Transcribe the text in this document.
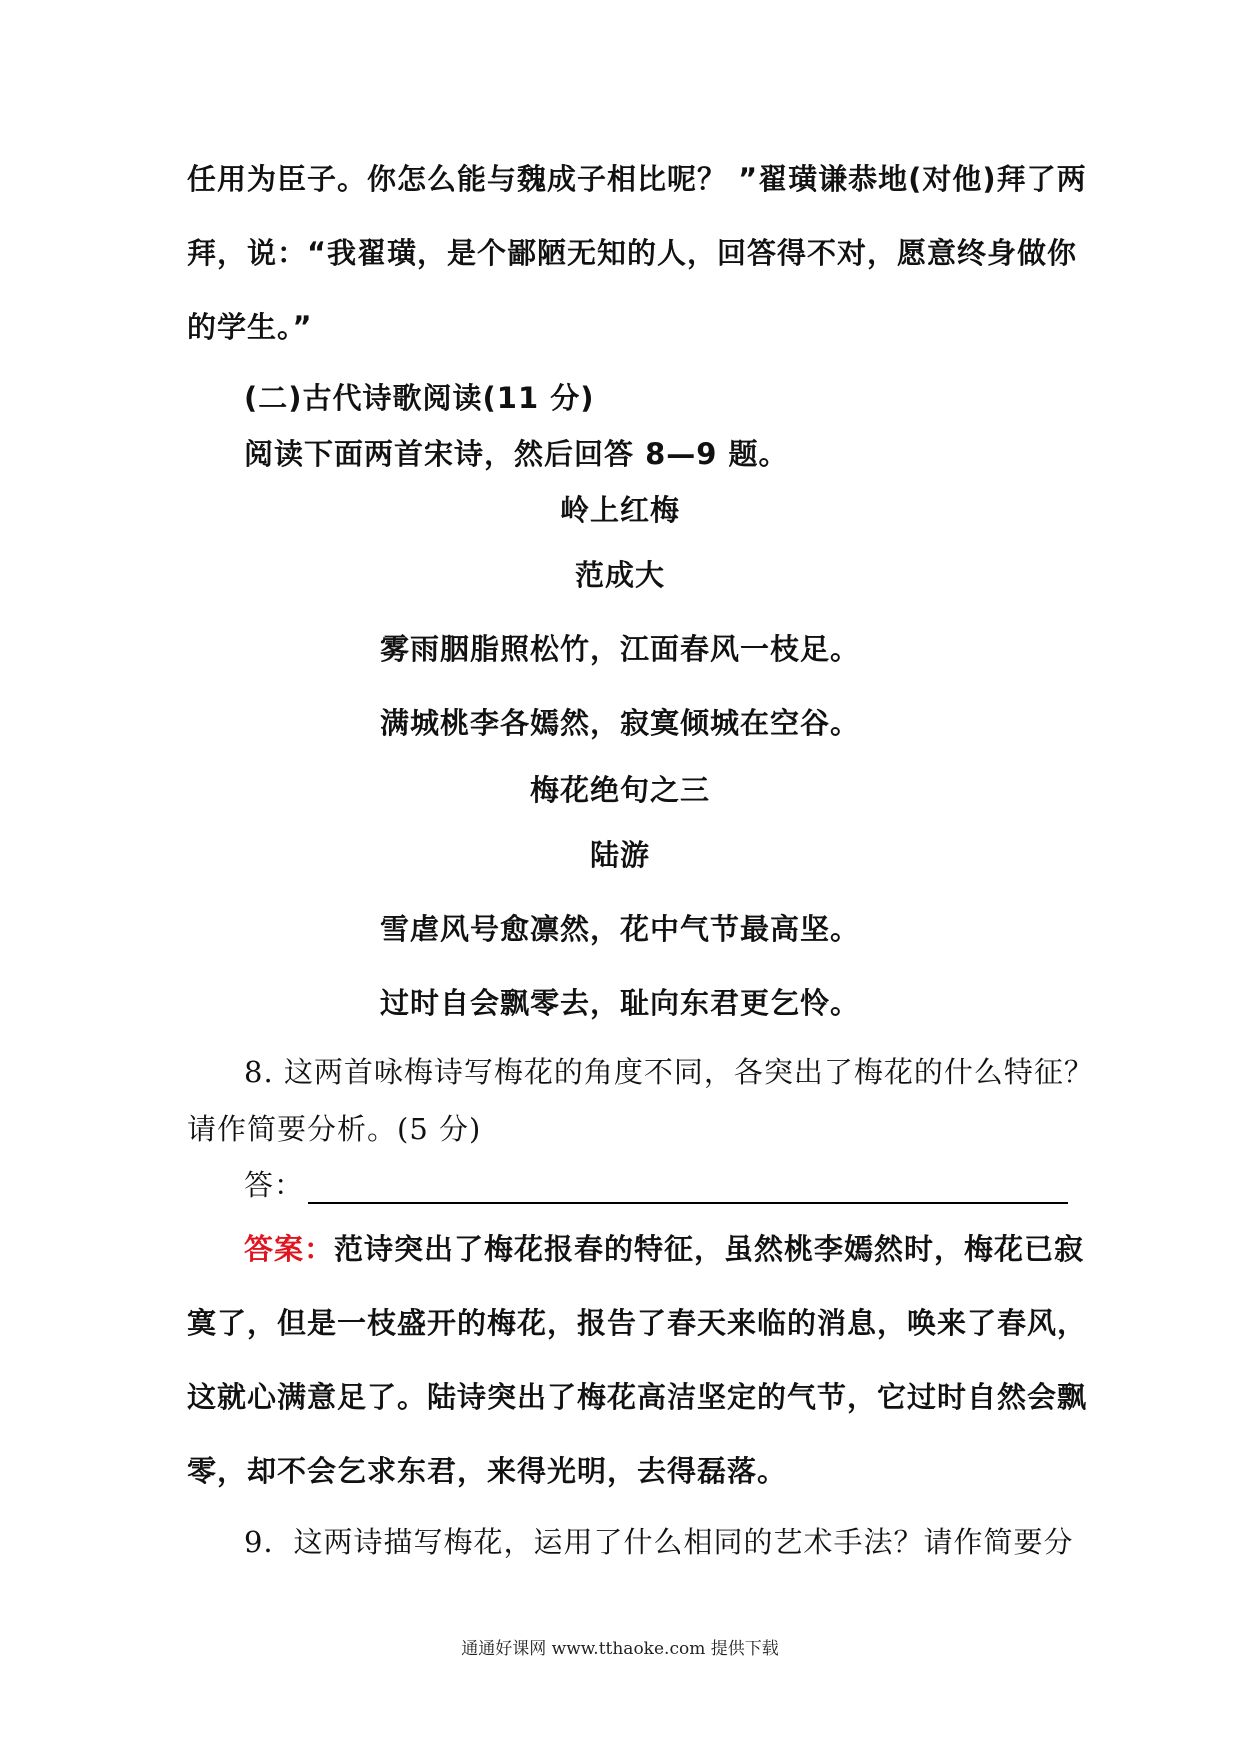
任用为臣子。你怎么能与魏成子相比呢？ ”翟璜谦恭地(对他)拜了两
拜，说：“我翟璜，是个鄙陋无知的人，回答得不对，愿意终身做你
的学生。”
(二)古代诗歌阅读(11 分)
阅读下面两首宋诗，然后回答 8—9 题。
岭上红梅
范成大
雾雨胭脂照松竹，江面春风一枝足。
满城桃李各嫣然，寂寞倾城在空谷。
梅花绝句之三
陆游
雪虐风号愈凛然，花中气节最高坚。
过时自会飘零去，耻向东君更乞怜。
8. 这两首咏梅诗写梅花的角度不同，各突出了梅花的什么特征？
请作简要分析。(5 分)
答：
答案：范诗突出了梅花报春的特征，虽然桃李嫣然时，梅花已寂
寞了，但是一枝盛开的梅花，报告了春天来临的消息，唤来了春风，
这就心满意足了。陆诗突出了梅花高洁坚定的气节，它过时自然会飘
零，却不会乞求东君，来得光明，去得磊落。
9．这两诗描写梅花，运用了什么相同的艺术手法？请作简要分
通通好课网 www.tthaoke.com 提供下载
